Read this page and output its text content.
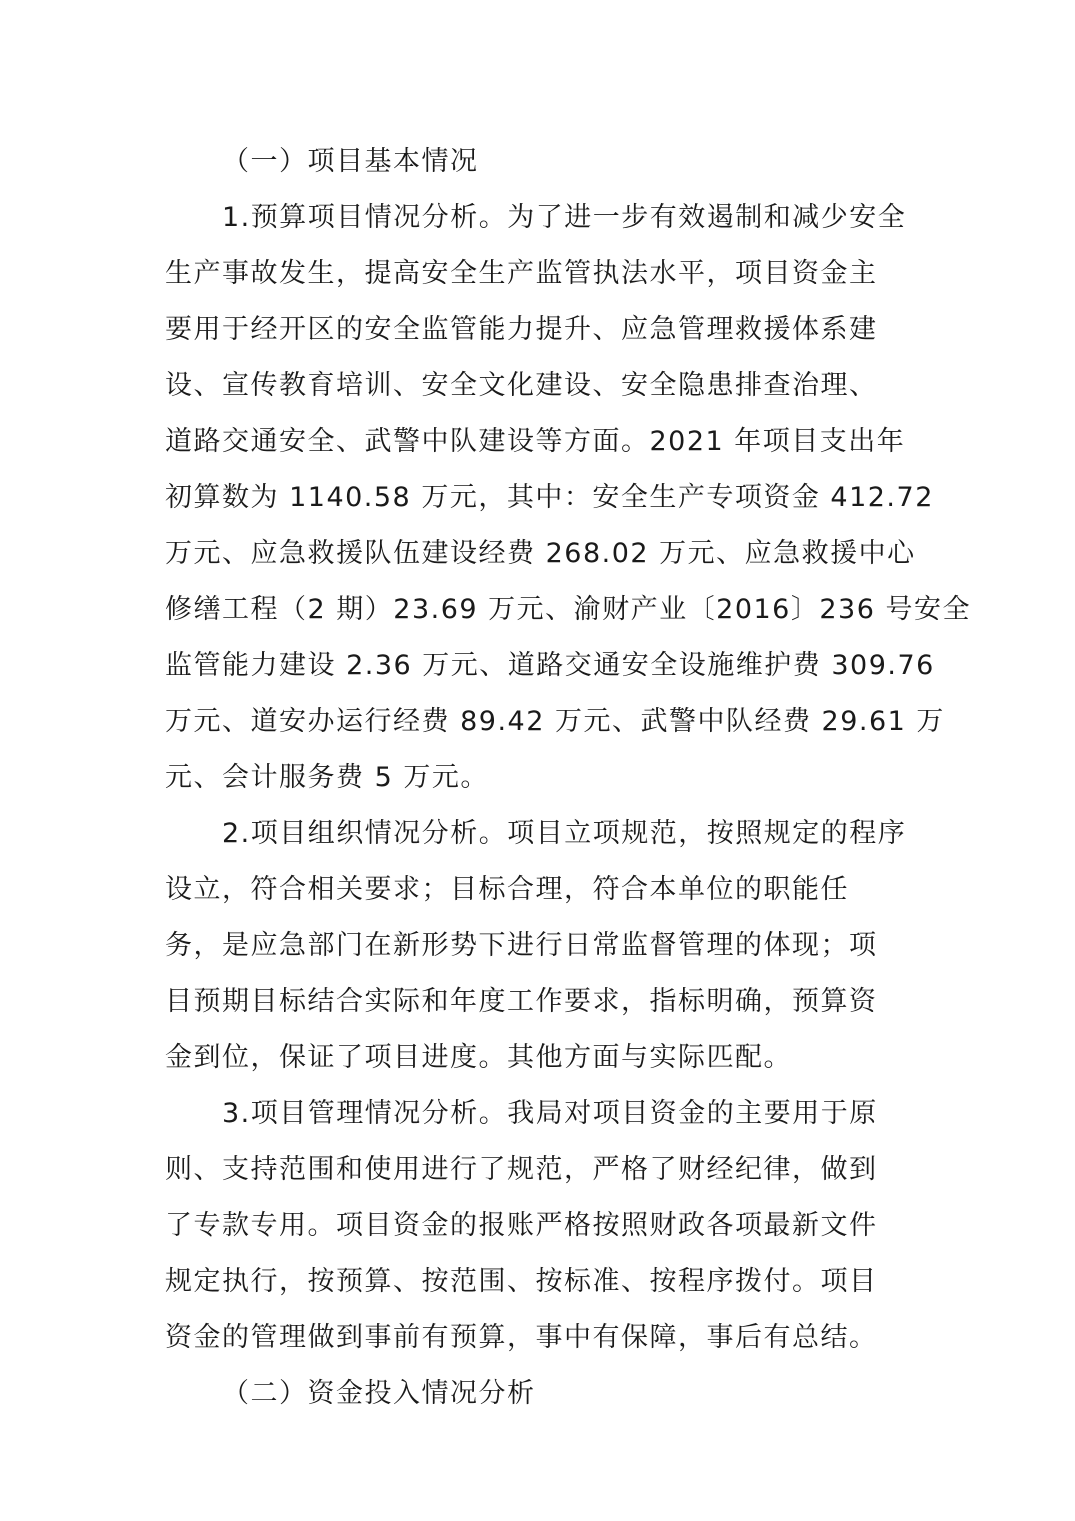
（一）项目基本情况
1.预算项目情况分析。为了进一步有效遏制和减少安全
生产事故发生，提高安全生产监管执法水平，项目资金主
要用于经开区的安全监管能力提升、应急管理救援体系建
设、宣传教育培训、安全文化建设、安全隐患排查治理、
道路交通安全、武警中队建设等方面。2021 年项目支出年
初算数为 1140.58 万元，其中：安全生产专项资金 412.72
万元、应急救援队伍建设经费 268.02 万元、应急救援中心
修缮工程（2 期）23.69 万元、渝财产业〔2016〕236 号安全
监管能力建设 2.36 万元、道路交通安全设施维护费 309.76
万元、道安办运行经费 89.42 万元、武警中队经费 29.61 万
元、会计服务费 5 万元。
2.项目组织情况分析。项目立项规范，按照规定的程序
设立，符合相关要求；目标合理，符合本单位的职能任
务，是应急部门在新形势下进行日常监督管理的体现；项
目预期目标结合实际和年度工作要求，指标明确，预算资
金到位，保证了项目进度。其他方面与实际匹配。
3.项目管理情况分析。我局对项目资金的主要用于原
则、支持范围和使用进行了规范，严格了财经纪律，做到
了专款专用。项目资金的报账严格按照财政各项最新文件
规定执行，按预算、按范围、按标准、按程序拨付。项目
资金的管理做到事前有预算，事中有保障，事后有总结。
（二）资金投入情况分析
